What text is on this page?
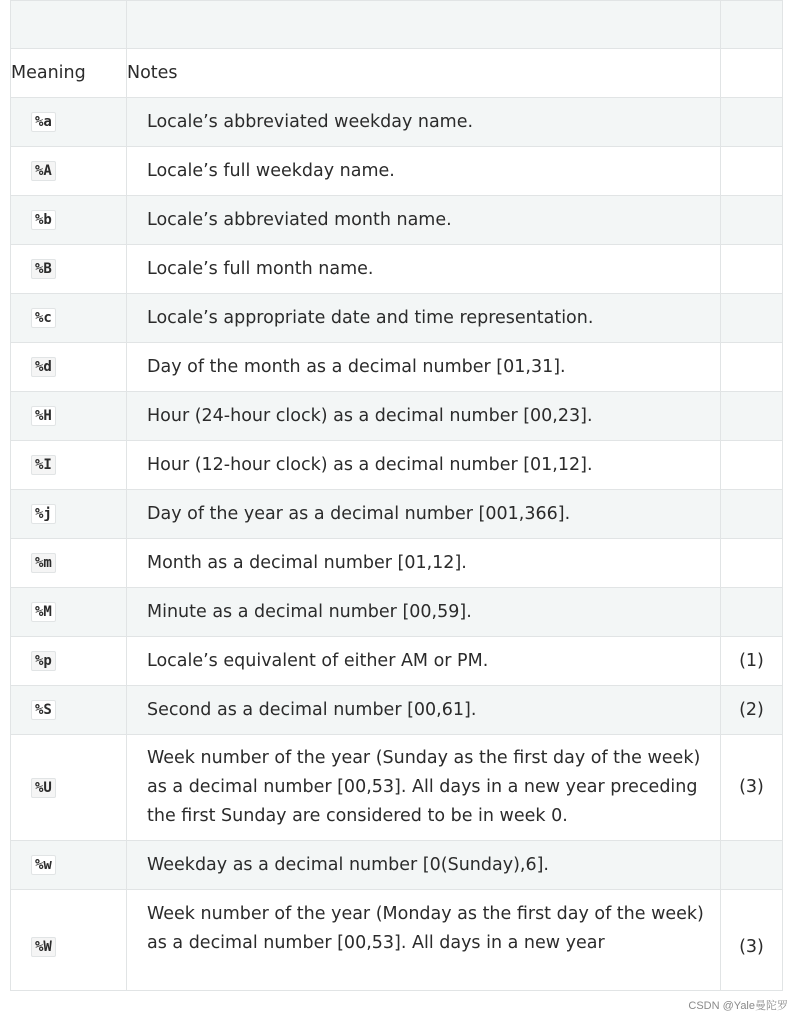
Meaning	Notes	
%a	Locale’s abbreviated weekday name.	
%A	Locale’s full weekday name.	
%b	Locale’s abbreviated month name.	
%B	Locale’s full month name.	
%c	Locale’s appropriate date and time representation.	
%d	Day of the month as a decimal number [01,31].	
%H	Hour (24-hour clock) as a decimal number [00,23].	
%I	Hour (12-hour clock) as a decimal number [01,12].	
%j	Day of the year as a decimal number [001,366].	
%m	Month as a decimal number [01,12].	
%M	Minute as a decimal number [00,59].	
%p	Locale’s equivalent of either AM or PM.	(1)
%S	Second as a decimal number [00,61].	(2)
%U	Week number of the year (Sunday as the first day of the week) as a decimal number [00,53]. All days in a new year preceding the first Sunday are considered to be in week 0.	(3)
%w	Weekday as a decimal number [0(Sunday),6].	
%W	Week number of the year (Monday as the first day of the week) as a decimal number [00,53]. All days in a new year	(3)
CSDN @Yale曼陀罗
